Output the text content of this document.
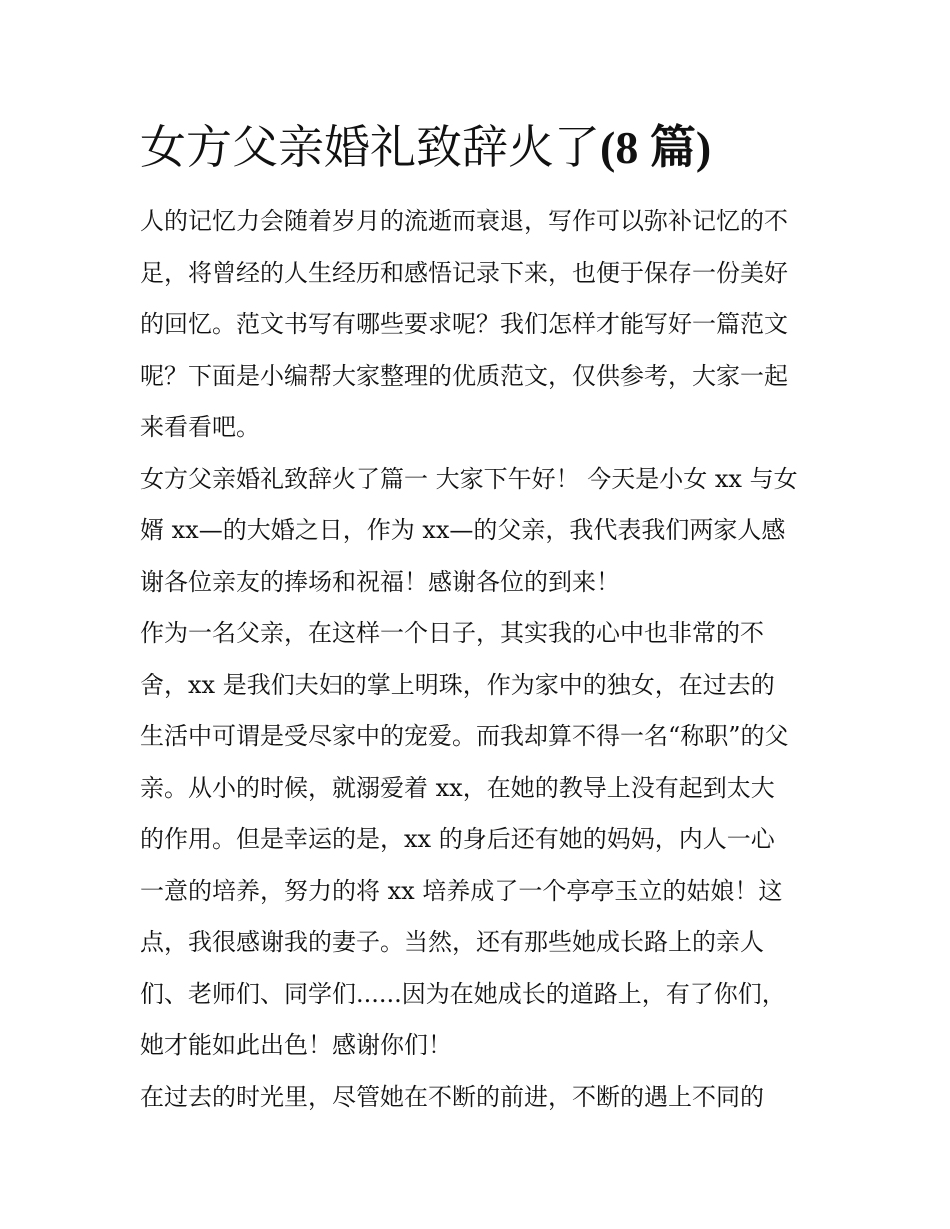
女方父亲婚礼致辞火了(8 篇)
人的记忆力会随着岁月的流逝而衰退，写作可以弥补记忆的不
足，将曾经的人生经历和感悟记录下来，也便于保存一份美好
的回忆。范文书写有哪些要求呢？我们怎样才能写好一篇范文
呢？下面是小编帮大家整理的优质范文，仅供参考，大家一起
来看看吧。
女方父亲婚礼致辞火了篇一 大家下午好！ 今天是小女 xx 与女
婿 xx—的大婚之日，作为 xx—的父亲，我代表我们两家人感
谢各位亲友的捧场和祝福！感谢各位的到来！
作为一名父亲，在这样一个日子，其实我的心中也非常的不
舍，xx 是我们夫妇的掌上明珠，作为家中的独女，在过去的
生活中可谓是受尽家中的宠爱。而我却算不得一名“称职”的父
亲。从小的时候，就溺爱着 xx，在她的教导上没有起到太大
的作用。但是幸运的是，xx 的身后还有她的妈妈，内人一心
一意的培养，努力的将 xx 培养成了一个亭亭玉立的姑娘！这
点，我很感谢我的妻子。当然，还有那些她成长路上的亲人
们、老师们、同学们......因为在她成长的道路上，有了你们，
她才能如此出色！感谢你们！
在过去的时光里，尽管她在不断的前进，不断的遇上不同的
